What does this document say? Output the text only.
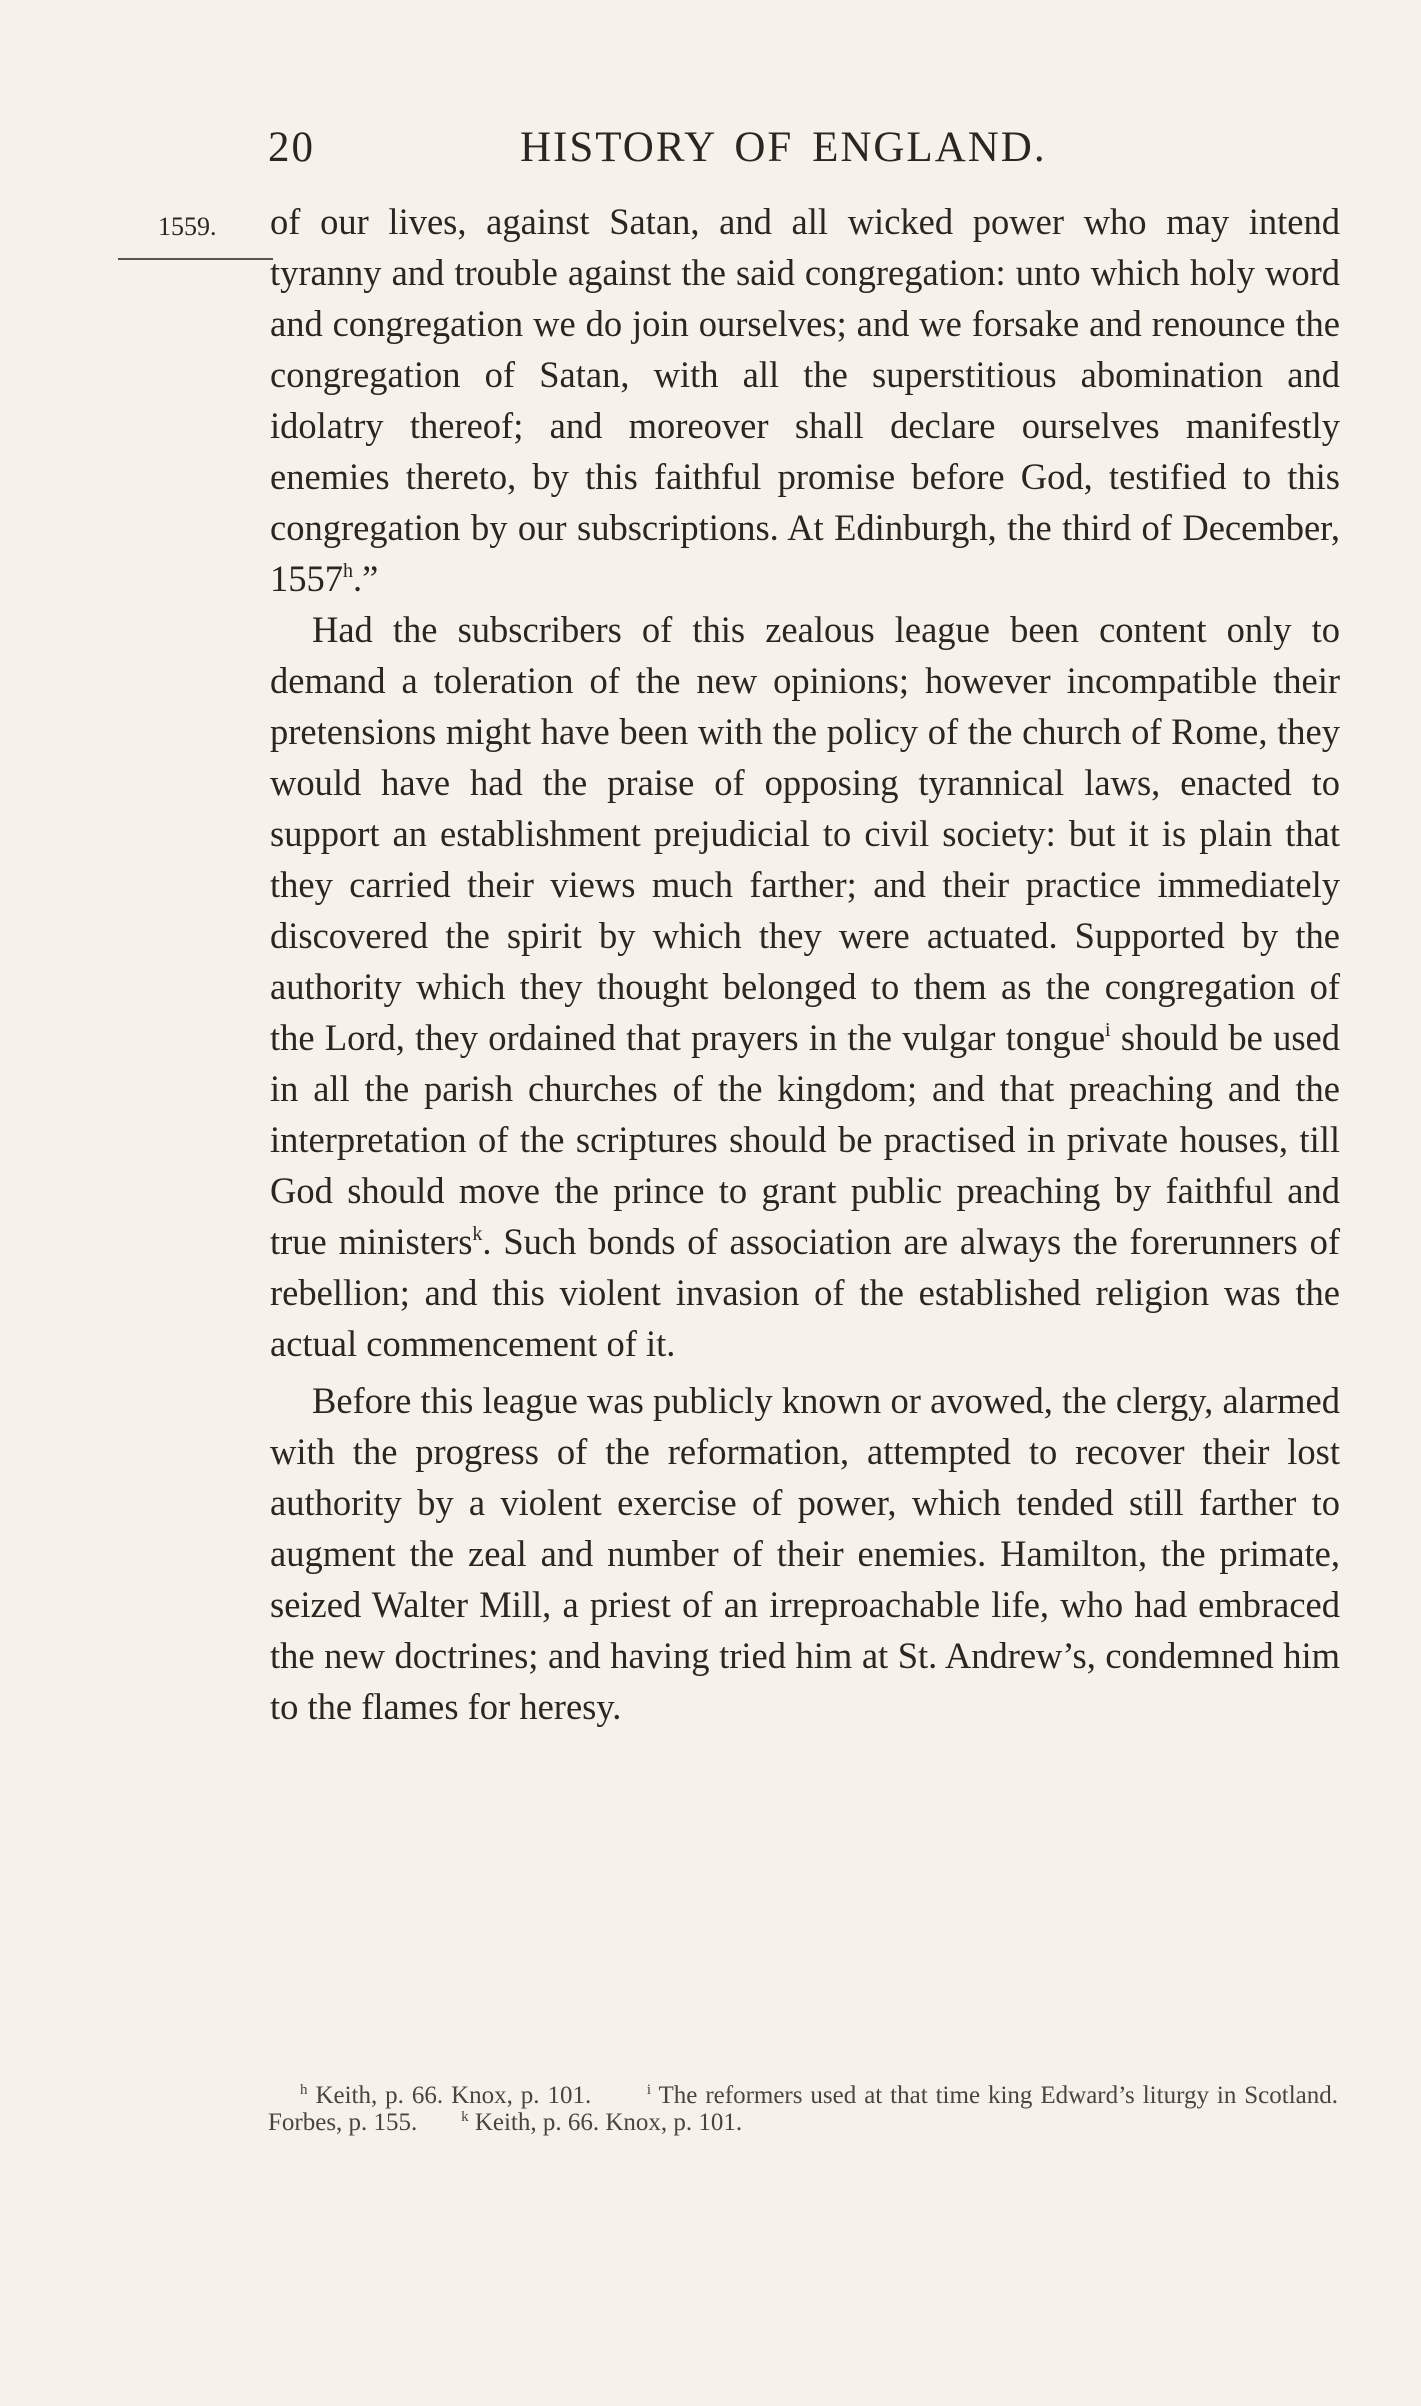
20	HISTORY OF ENGLAND.
1559. of our lives, against Satan, and all wicked power who may intend tyranny and trouble against the said congregation: unto which holy word and congregation we do join ourselves; and we forsake and renounce the congregation of Satan, with all the superstitious abomination and idolatry thereof; and moreover shall declare ourselves manifestly enemies thereto, by this faithful promise before God, testified to this congregation by our subscriptions. At Edinburgh, the third of December, 1557$^h$.”

Had the subscribers of this zealous league been content only to demand a toleration of the new opinions; however incompatible their pretensions might have been with the policy of the church of Rome, they would have had the praise of opposing tyrannical laws, enacted to support an establishment prejudicial to civil society: but it is plain that they carried their views much farther; and their practice immediately discovered the spirit by which they were actuated. Supported by the authority which they thought belonged to them as the congregation of the Lord, they ordained that prayers in the vulgar tongue$^i$ should be used in all the parish churches of the kingdom; and that preaching and the interpretation of the scriptures should be practised in private houses, till God should move the prince to grant public preaching by faithful and true ministers$^k$. Such bonds of association are always the forerunners of rebellion; and this violent invasion of the established religion was the actual commencement of it.

Before this league was publicly known or avowed, the clergy, alarmed with the progress of the reformation, attempted to recover their lost authority by a violent exercise of power, which tended still farther to augment the zeal and number of their enemies. Hamilton, the primate, seized Walter Mill, a priest of an irreproachable life, who had embraced the new doctrines; and having tried him at St. Andrew’s, condemned him to the flames for heresy.

$^h$ Keith, p. 66. Knox, p. 101.	$^i$ The reformers used at that time king Edward’s liturgy in Scotland. Forbes, p. 155.	$^k$ Keith, p. 66. Knox, p. 101.
